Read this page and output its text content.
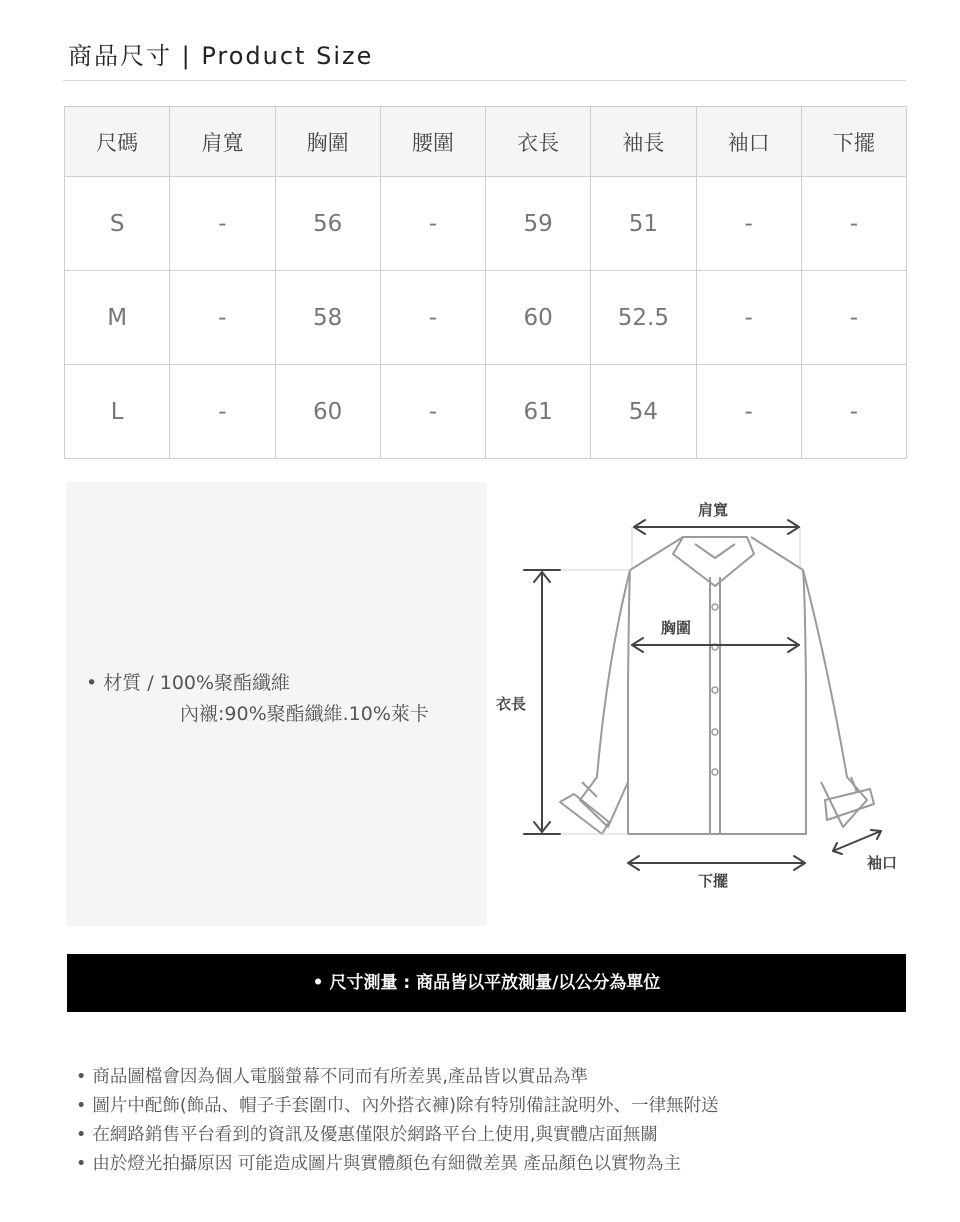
商品尺寸 | Product Size
尺碼	肩寬	胸圍	腰圍	衣長	袖長	袖口	下擺
S	-	56	-	59	51	-	-
M	-	58	-	60	52.5	-	-
L	-	60	-	61	54	-	-
• 材質 / 100%聚酯纖維
內襯:90%聚酯纖維.10%萊卡
肩寬
胸圍
衣長
下擺
袖口
• 尺寸測量 : 商品皆以平放測量/以公分為單位
• 商品圖檔會因為個人電腦螢幕不同而有所差異,產品皆以實品為準
• 圖片中配飾(飾品、帽子手套圍巾、內外搭衣褲)除有特別備註說明外、一律無附送
• 在網路銷售平台看到的資訊及優惠僅限於網路平台上使用,與實體店面無關
• 由於燈光拍攝原因 可能造成圖片與實體顏色有細微差異 產品顏色以實物為主
